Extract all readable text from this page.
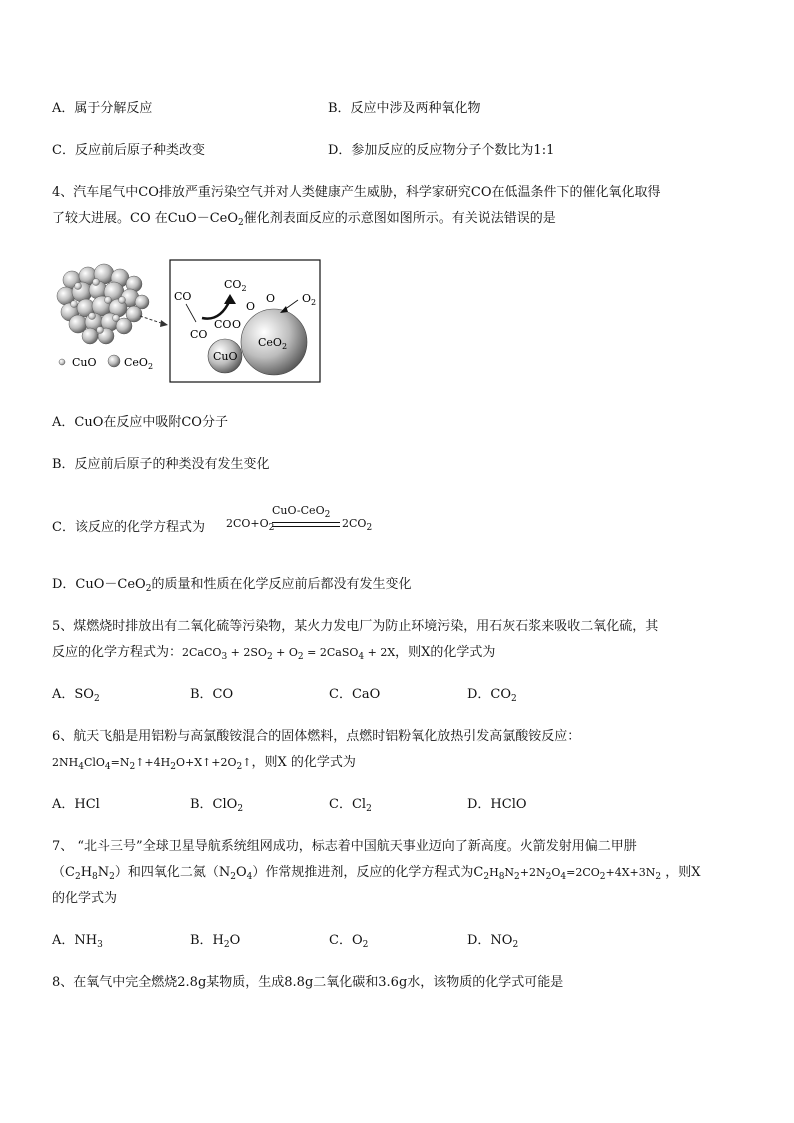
A．属于分解反应	B．反应中涉及两种氧化物
C．反应前后原子种类改变	D．参加反应的反应物分子个数比为1:1
4、汽车尾气中CO排放严重污染空气并对人类健康产生威胁，科学家研究CO在低温条件下的催化氧化取得
了较大进展。CO 在CuO－CeO$_2$催化剂表面反应的示意图如图所示。有关说法错误的是
CuO CeO$_2$
CeO$_2$
CuO
CO
CO
CO O
O
O
$CO_2$
$O_2$
A．CuO在反应中吸附CO分子
B．反应前后原子的种类没有发生变化
C．该反应的化学方程式为 $2CO+O_2$
CuO-CeO$_2$
$2CO_2$
D．CuO－CeO$_2$的质量和性质在化学反应前后都没有发生变化
5、煤燃烧时排放出有二氧化硫等污染物，某火力发电厂为防止环境污染，用石灰石浆来吸收二氧化硫，其
反应的化学方程式为：2CaCO$_3$ + $2SO_2 + O_2$ = 2CaSO$_4$ + 2X，则X的化学式为
A．$SO_2$	B．CO	C．CaO	D．$CO_2$
6、航天飞船是用铝粉与高氯酸铵混合的固体燃料，点燃时铝粉氧化放热引发高氯酸铵反应：
$2NH_4ClO_4=N_2↑+4H_2O+X↑+2O_2↑$，则X 的化学式为
A．HCl	B．ClO$_2$	C．$Cl_2$	D．HClO
7、 “北斗三号”全球卫星导航系统组网成功，标志着中国航天事业迈向了新高度。火箭发射用偏二甲肼
$(C_2H_8N_2)$和四氧化二氮$(N_2O_4)$作常规推进剂，反应的化学方程式为$C_2H_8N_2+2N_2O_4=2CO_2+4X+3N_2$ ，则X
的化学式为
A．$NH_3$	B．$H_2O$	C．$O_2$	D．$NO_2$
8、在氧气中完全燃烧2.8g某物质，生成8.8g二氧化碳和3.6g水，该物质的化学式可能是
